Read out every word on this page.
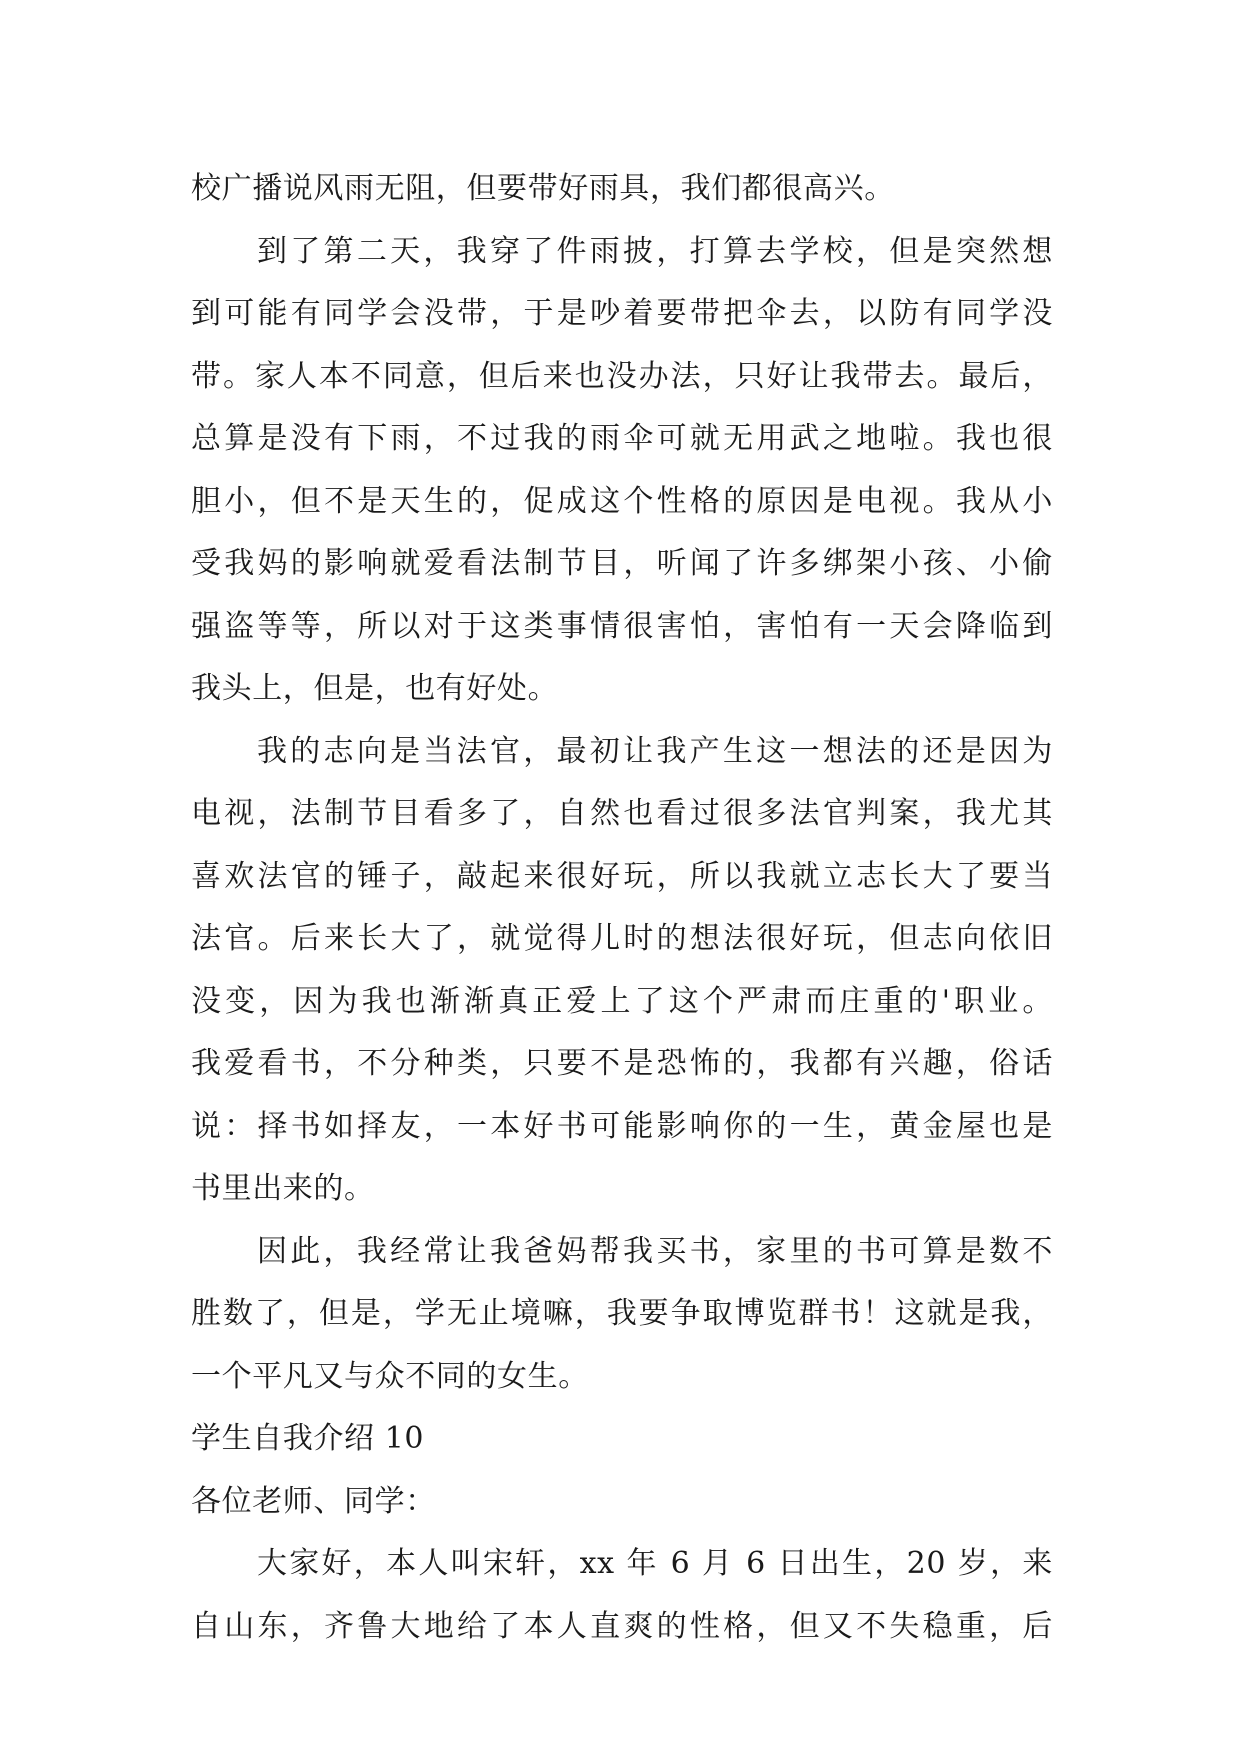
校广播说风雨无阻，但要带好雨具，我们都很高兴。
到了第二天，我穿了件雨披，打算去学校，但是突然想
到可能有同学会没带，于是吵着要带把伞去，以防有同学没
带。家人本不同意，但后来也没办法，只好让我带去。最后，
总算是没有下雨，不过我的雨伞可就无用武之地啦。我也很
胆小，但不是天生的，促成这个性格的原因是电视。我从小
受我妈的影响就爱看法制节目，听闻了许多绑架小孩、小偷
强盗等等，所以对于这类事情很害怕，害怕有一天会降临到
我头上，但是，也有好处。
我的志向是当法官，最初让我产生这一想法的还是因为
电视，法制节目看多了，自然也看过很多法官判案，我尤其
喜欢法官的锤子，敲起来很好玩，所以我就立志长大了要当
法官。后来长大了，就觉得儿时的想法很好玩，但志向依旧
没变，因为我也渐渐真正爱上了这个严肃而庄重的'职业。
我爱看书，不分种类，只要不是恐怖的，我都有兴趣，俗话
说：择书如择友，一本好书可能影响你的一生，黄金屋也是
书里出来的。
因此，我经常让我爸妈帮我买书，家里的书可算是数不
胜数了，但是，学无止境嘛，我要争取博览群书！这就是我，
一个平凡又与众不同的女生。
学生自我介绍 10
各位老师、同学：
大家好，本人叫宋轩，xx 年 6 月 6 日出生，20 岁，来
自山东，齐鲁大地给了本人直爽的性格，但又不失稳重，后
